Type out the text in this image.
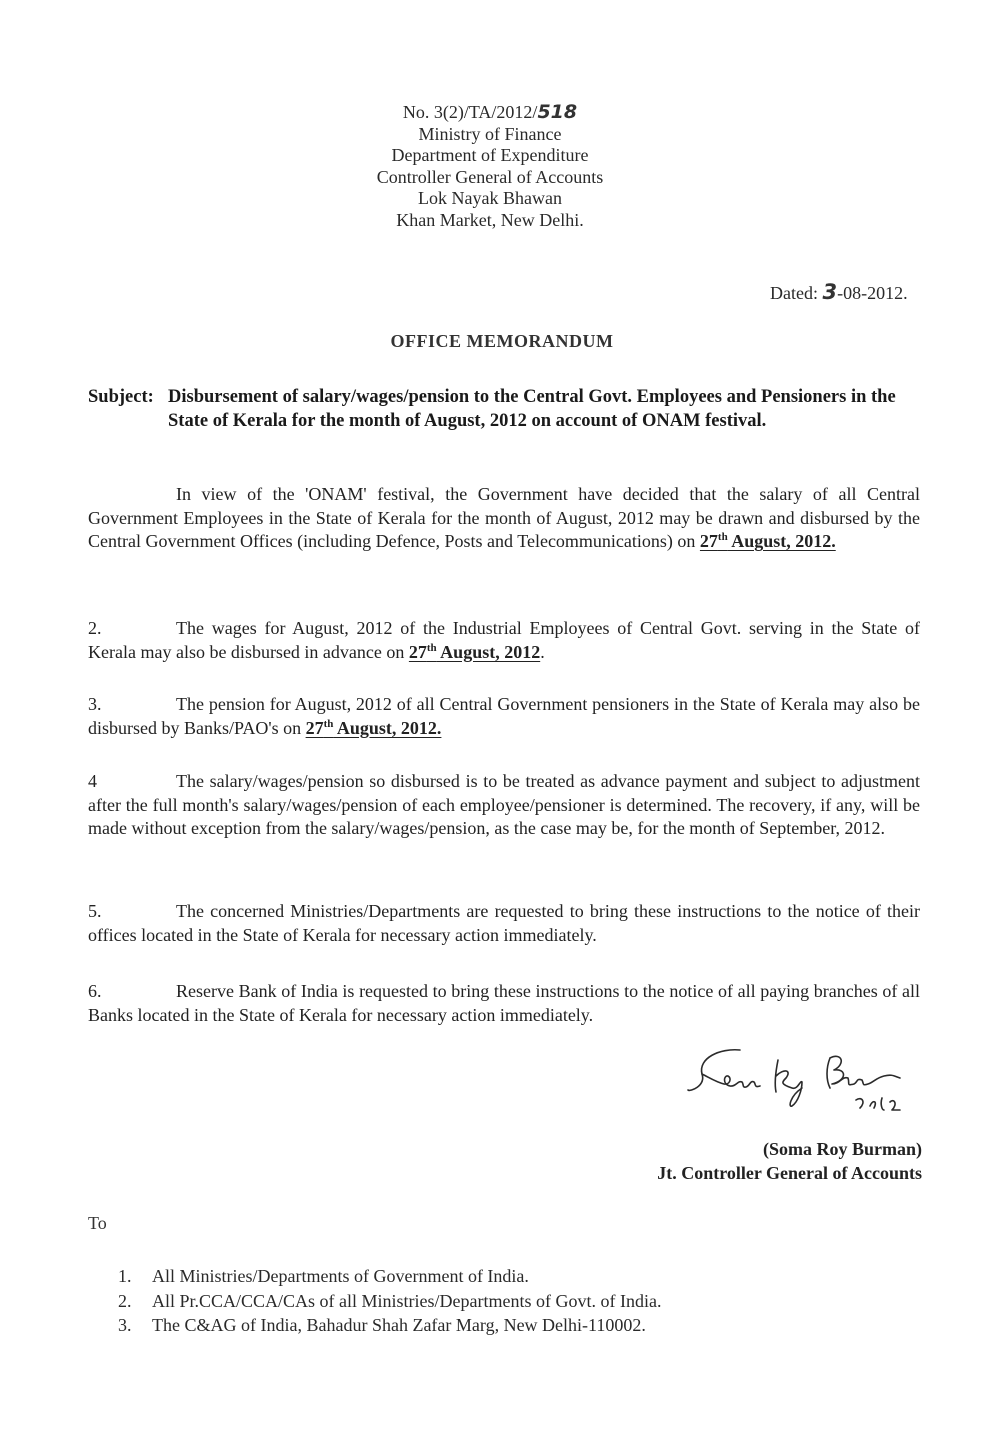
No. 3(2)/TA/2012/518
Ministry of Finance
Department of Expenditure
Controller General of Accounts
Lok Nayak Bhawan
Khan Market, New Delhi.
Dated: 3-08-2012.
OFFICE MEMORANDUM
Subject: Disbursement of salary/wages/pension to the Central Govt. Employees and Pensioners in the State of Kerala for the month of August, 2012 on account of ONAM festival.
In view of the 'ONAM' festival, the Government have decided that the salary of all Central Government Employees in the State of Kerala for the month of August, 2012 may be drawn and disbursed by the Central Government Offices (including Defence, Posts and Telecommunications) on 27th August, 2012.
2.	The wages for August, 2012 of the Industrial Employees of Central Govt. serving in the State of Kerala may also be disbursed in advance on 27th August, 2012.
3.	The pension for August, 2012 of all Central Government pensioners in the State of Kerala may also be disbursed by Banks/PAO's on 27th August, 2012.
4	The salary/wages/pension so disbursed is to be treated as advance payment and subject to adjustment after the full month's salary/wages/pension of each employee/pensioner is determined. The recovery, if any, will be made without exception from the salary/wages/pension, as the case may be, for the month of September, 2012.
5.	The concerned Ministries/Departments are requested to bring these instructions to the notice of their offices located in the State of Kerala for necessary action immediately.
6.	Reserve Bank of India is requested to bring these instructions to the notice of all paying branches of all Banks located in the State of Kerala for necessary action immediately.
(Soma Roy Burman)
Jt. Controller General of Accounts
To
1. All Ministries/Departments of Government of India.
2. All Pr.CCA/CCA/CAs of all Ministries/Departments of Govt. of India.
3. The C&AG of India, Bahadur Shah Zafar Marg, New Delhi-110002.
